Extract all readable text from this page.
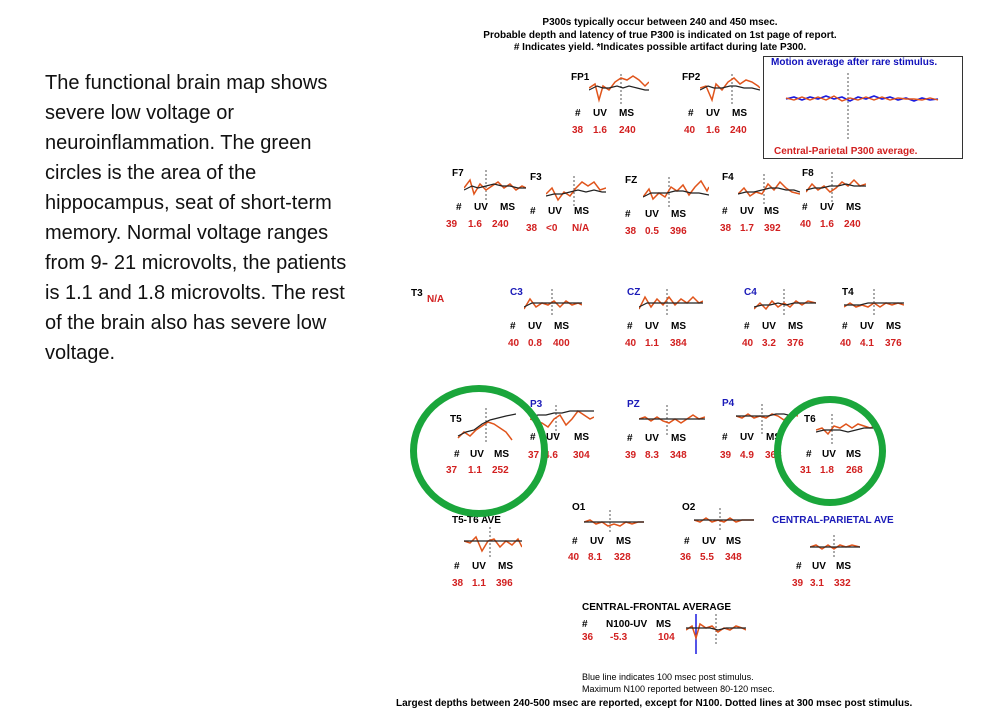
The functional brain map shows severe low voltage or neuroinflammation. The green circles is the area of the hippocampus, seat of short-term memory. Normal voltage ranges from 9- 21 microvolts, the patients is 1.1 and 1.8 microvolts. The rest of the brain also has severe low voltage.
P300s typically occur between 240 and 450 msec.
Probable depth and latency of true P300 is indicated on 1st page of report.
# Indicates yield. *Indicates possible artifact during late P300.
Motion average after rare stimulus.
Central-Parietal P300 average.
FP1
# UV MS
38 1.6 240
FP2
# UV MS
40 1.6 240
F7
# UV MS
39 1.6 240
F3
# UV MS
38 <0 N/A
FZ
# UV MS
38 0.5 396
F4
# UV MS
38 1.7 392
F8
# UV MS
40 1.6 240
T3
N/A
C3
# UV MS
40 0.8 400
CZ
# UV MS
40 1.1 384
C4
# UV MS
40 3.2 376
T4
# UV MS
40 4.1 376
T5
# UV MS
37 1.1 252
P3
# UV MS
37 4.6 304
PZ
# UV MS
39 8.3 348
P4
# UV MS
39 4.9 368
T6
# UV MS
31 1.8 268
O1
# UV MS
40 8.1 328
O2
# UV MS
36 5.5 348
T5-T6 AVE
# UV MS
38 1.1 396
CENTRAL-PARIETAL AVE
# UV MS
39 3.1 332
CENTRAL-FRONTAL AVERAGE
# N100-UV MS
36 -5.3	104
Blue line indicates 100 msec post stimulus.
Maximum N100 reported between 80-120 msec.
Largest depths between 240-500 msec are reported, except for N100. Dotted lines at 300 msec post stimulus.
